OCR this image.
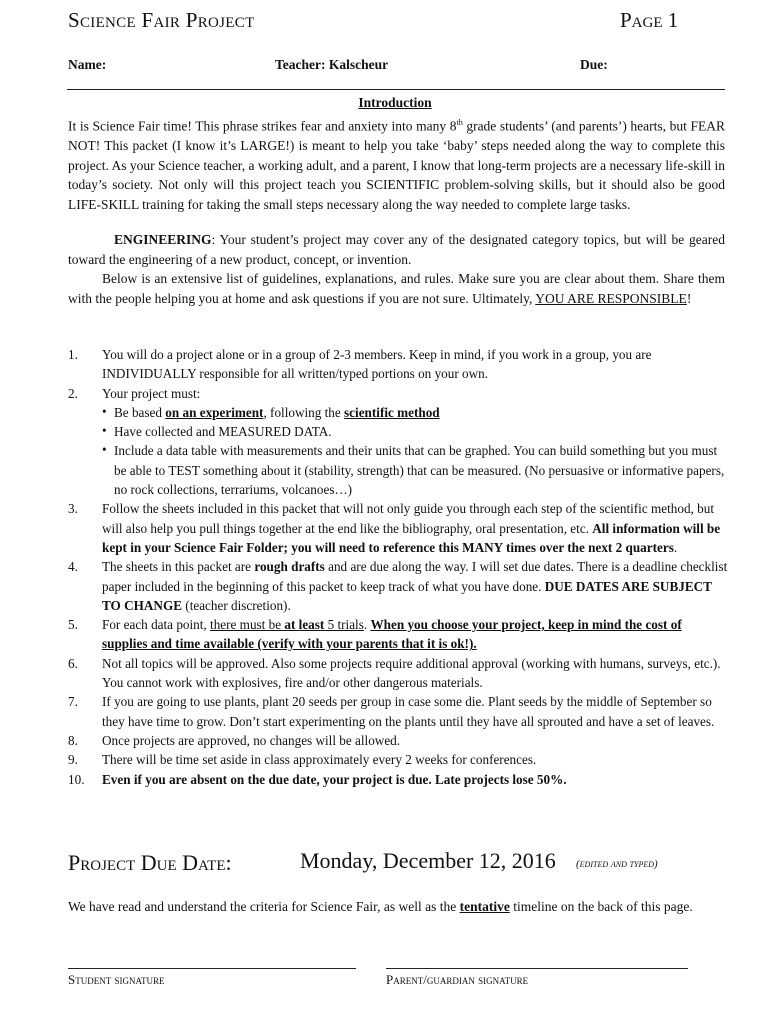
Science Fair Project	Page 1
Name:	Teacher: Kalscheur	Due:
Introduction
It is Science Fair time! This phrase strikes fear and anxiety into many 8th grade students’ (and parents’) hearts, but FEAR NOT! This packet (I know it’s LARGE!) is meant to help you take ‘baby’ steps needed along the way to complete this project. As your Science teacher, a working adult, and a parent, I know that long-term projects are a necessary life-skill in today’s society. Not only will this project teach you SCIENTIFIC problem-solving skills, but it should also be good LIFE-SKILL training for taking the small steps necessary along the way needed to complete large tasks.
ENGINEERING: Your student’s project may cover any of the designated category topics, but will be geared toward the engineering of a new product, concept, or invention.
Below is an extensive list of guidelines, explanations, and rules. Make sure you are clear about them. Share them with the people helping you at home and ask questions if you are not sure. Ultimately, YOU ARE RESPONSIBLE!
1. You will do a project alone or in a group of 2-3 members. Keep in mind, if you work in a group, you are INDIVIDUALLY responsible for all written/typed portions on your own.
2. Your project must:
• Be based on an experiment, following the scientific method
• Have collected and MEASURED DATA.
• Include a data table with measurements and their units that can be graphed. You can build something but you must be able to TEST something about it (stability, strength) that can be measured. (No persuasive or informative papers, no rock collections, terrariums, volcanoes…)
3. Follow the sheets included in this packet that will not only guide you through each step of the scientific method, but will also help you pull things together at the end like the bibliography, oral presentation, etc. All information will be kept in your Science Fair Folder; you will need to reference this MANY times over the next 2 quarters.
4. The sheets in this packet are rough drafts and are due along the way. I will set due dates. There is a deadline checklist paper included in the beginning of this packet to keep track of what you have done. DUE DATES ARE SUBJECT TO CHANGE (teacher discretion).
5. For each data point, there must be at least 5 trials. When you choose your project, keep in mind the cost of supplies and time available (verify with your parents that it is ok!).
6. Not all topics will be approved. Also some projects require additional approval (working with humans, surveys, etc.). You cannot work with explosives, fire and/or other dangerous materials.
7. If you are going to use plants, plant 20 seeds per group in case some die. Plant seeds by the middle of September so they have time to grow. Don’t start experimenting on the plants until they have all sprouted and have a set of leaves.
8. Once projects are approved, no changes will be allowed.
9. There will be time set aside in class approximately every 2 weeks for conferences.
10. Even if you are absent on the due date, your project is due. Late projects lose 50%.
Project Due Date:	Monday, December 12, 2016 (edited and typed)
We have read and understand the criteria for Science Fair, as well as the tentative timeline on the back of this page.
Student signature	Parent/guardian signature
